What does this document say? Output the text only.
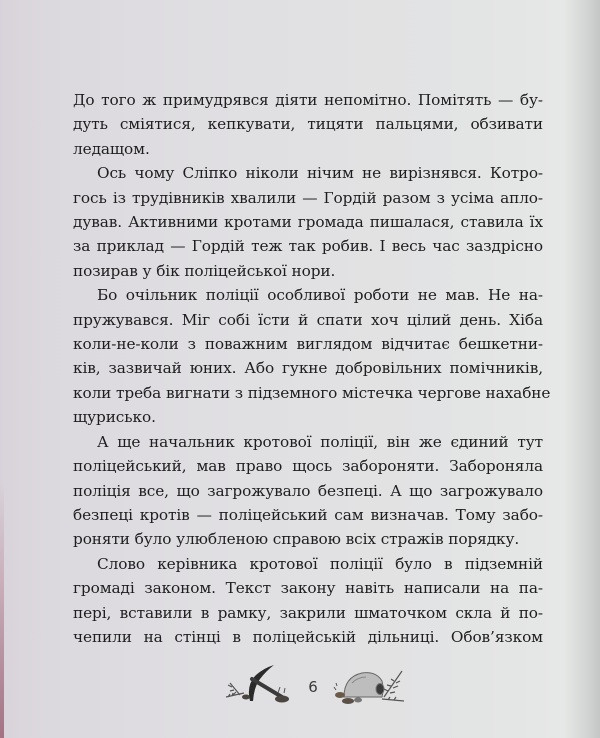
До того ж примудрявся діяти непомітно. Помітять — бу-
дуть сміятися, кепкувати, тицяти пальцями, обзивати
ледащом.

Ось чому Сліпко ніколи нічим не вирізнявся. Котро-
гось із трудівників хвалили — Гордій разом з усіма апло-
дував. Активними кротами громада пишалася, ставила їх
за приклад — Гордій теж так робив. І весь час заздрісно
позирав у бік поліцейської нори.

Бо очільник поліції особливої роботи не мав. Не на-
пружувався. Міг собі їсти й спати хоч цілий день. Хіба
коли-не-коли з поважним виглядом відчитає бешкетни-
ків, зазвичай юних. Або гукне добровільних помічників,
коли треба вигнати з підземного містечка чергове нахабне
щурисько.

А ще начальник кротової поліції, він же єдиний тут
поліцейський, мав право щось забороняти. Забороняла
поліція все, що загрожувало безпеці. А що загрожувало
безпеці кротів — поліцейський сам визначав. Тому забо-
роняти було улюбленою справою всіх стражів порядку.

Слово керівника кротової поліції було в підземній
громаді законом. Текст закону навіть написали на па-
пері, вставили в рамку, закрили шматочком скла й по-
чепили на стінці в поліцейській дільниці. Обов’язком

6
